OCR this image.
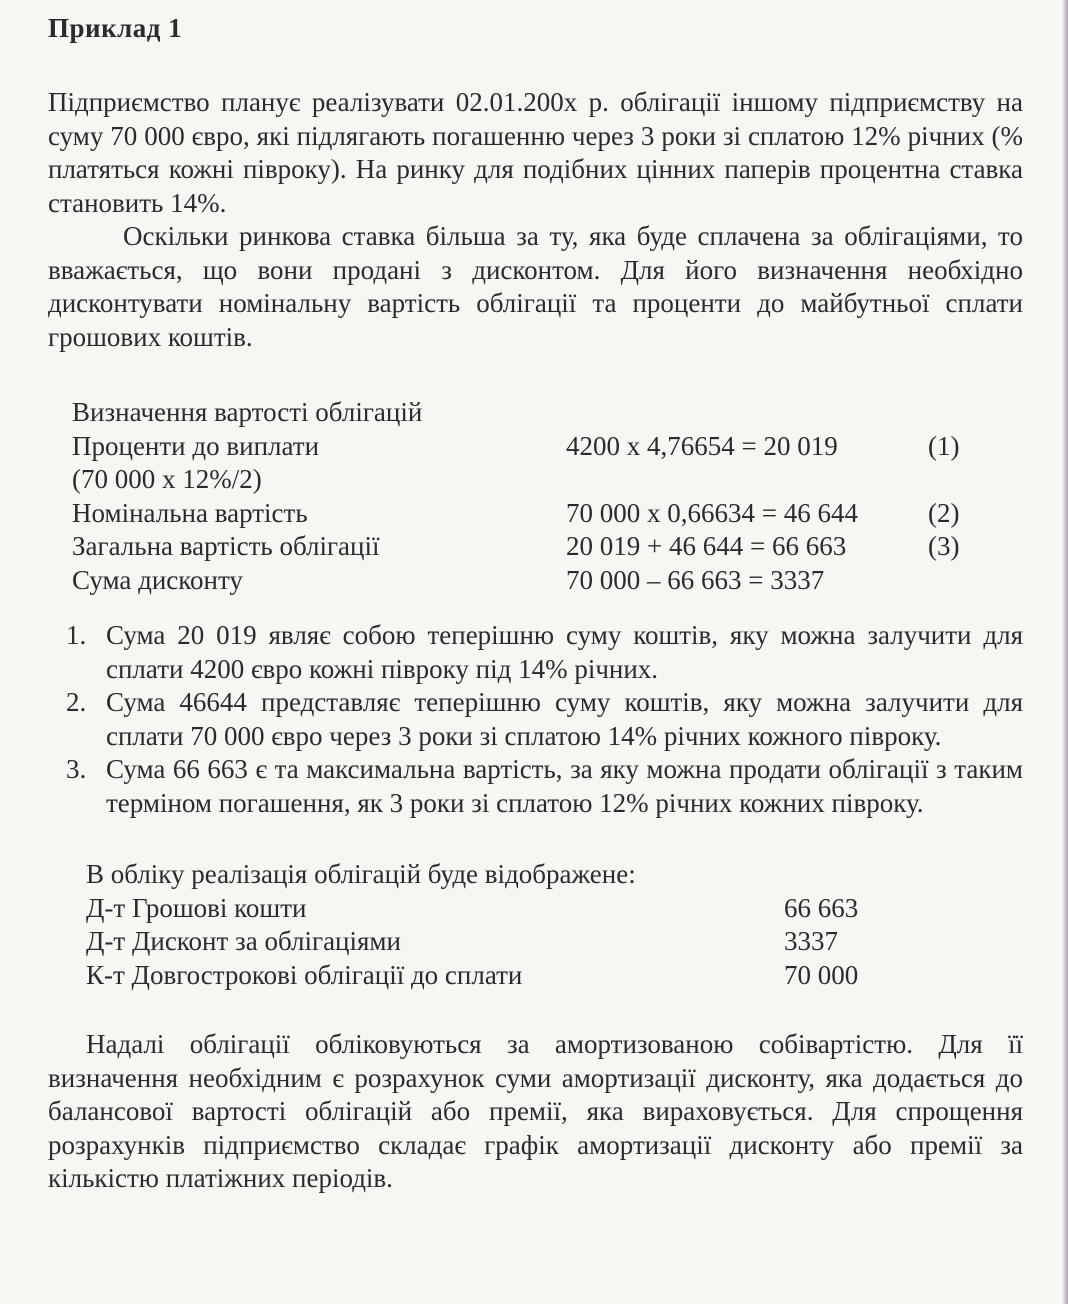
Приклад 1

Підприємство планує реалізувати 02.01.200х р. облігації іншому підприємству на суму 70 000 євро, які підлягають погашенню через 3 роки зі сплатою 12% річних (% платяться кожні півроку). На ринку для подібних цінних паперів процентна ставка становить 14%.

Оскільки ринкова ставка більша за ту, яка буде сплачена за облігаціями, то вважається, що вони продані з дисконтом. Для його визначення необхідно дисконтувати номінальну вартість облігації та проценти до майбутньої сплати грошових коштів.

Визначення вартості облігацій
Проценти до виплати	4200 х 4,76654 = 20 019	(1)
(70 000 х 12%/2)
Номінальна вартість	70 000 х 0,66634 = 46 644	(2)
Загальна вартість облігації	20 019 + 46 644 = 66 663	(3)
Сума дисконту	70 000 – 66 663 = 3337
1. Сума 20 019 являє собою теперішню суму коштів, яку можна залучити для сплати 4200 євро кожні півроку під 14% річних.
2. Сума 46644 представляє теперішню суму коштів, яку можна залучити для сплати 70 000 євро через 3 роки зі сплатою 14% річних кожного півроку.
3. Сума 66 663 є та максимальна вартість, за яку можна продати облігації з таким терміном погашення, як 3 роки зі сплатою 12% річних кожних півроку.
В обліку реалізація облігацій буде відображене:
Д-т Грошові кошти	66 663
Д-т Дисконт за облігаціями	3337
К-т Довгострокові облігації до сплати	70 000

Надалі облігації обліковуються за амортизованою собівартістю. Для її визначення необхідним є розрахунок суми амортизації дисконту, яка додається до балансової вартості облігацій або премії, яка вираховується. Для спрощення розрахунків підприємство складає графік амортизації дисконту або премії за кількістю платіжних періодів.
